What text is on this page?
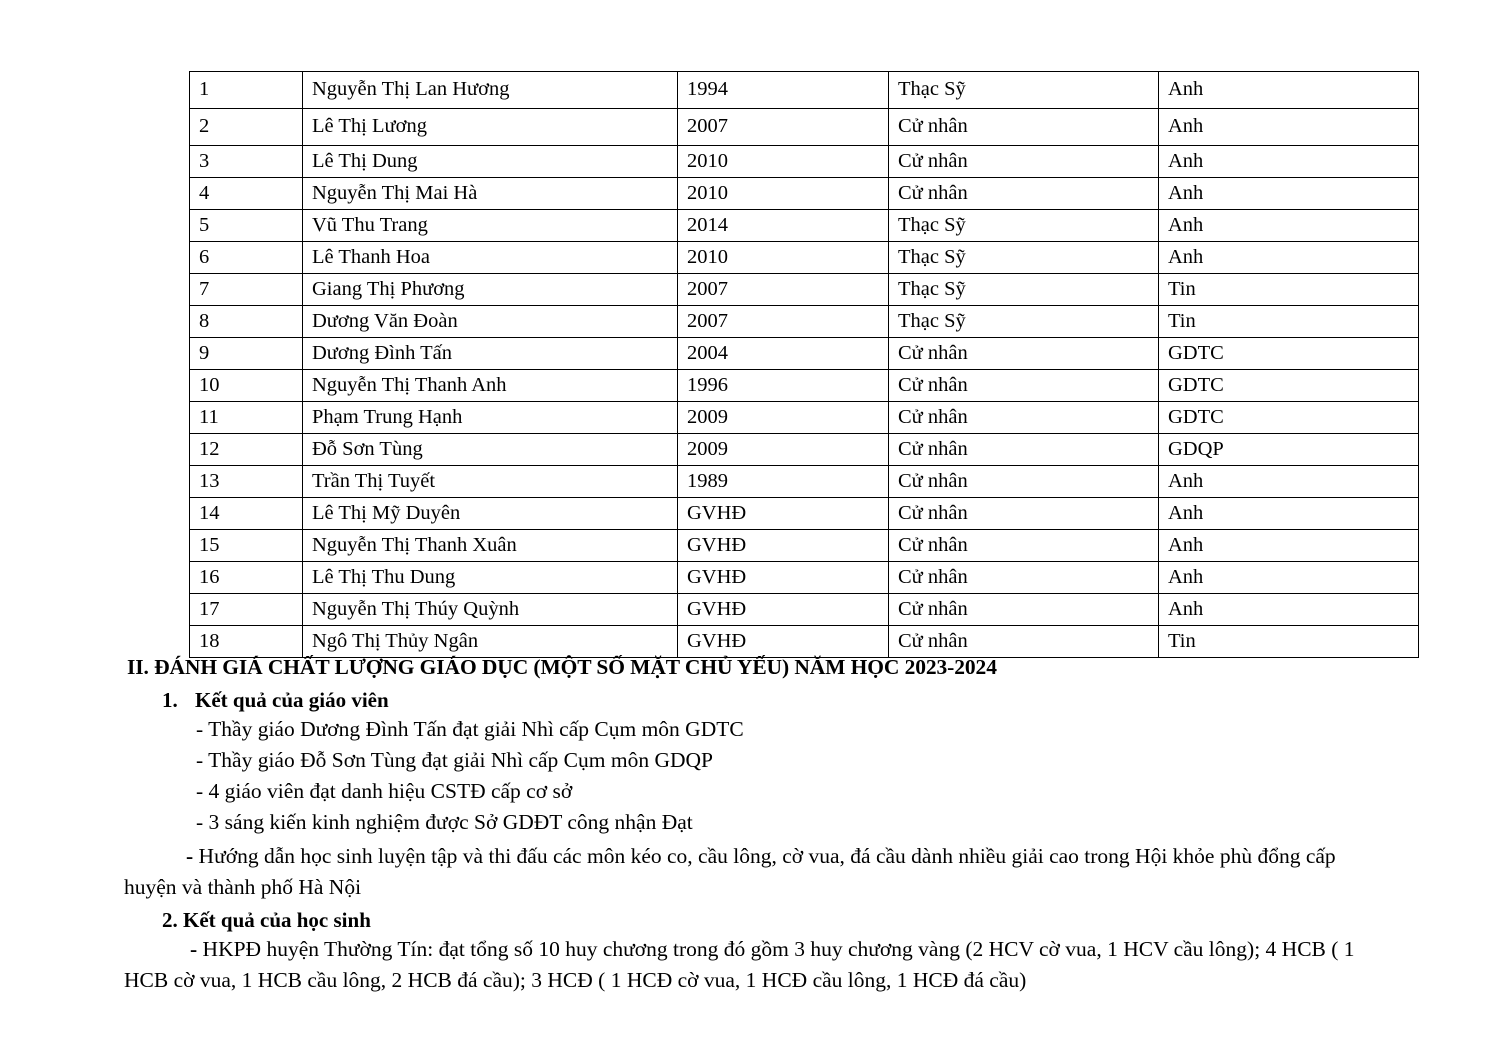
1	Nguyễn Thị Lan Hương	1994	Thạc Sỹ	Anh
2	Lê Thị Lương	2007	Cử nhân	Anh
3	Lê Thị Dung	2010	Cử nhân	Anh
4	Nguyễn Thị Mai Hà	2010	Cử nhân	Anh
5	Vũ Thu Trang	2014	Thạc Sỹ	Anh
6	Lê Thanh Hoa	2010	Thạc Sỹ	Anh
7	Giang Thị Phương	2007	Thạc Sỹ	Tin
8	Dương Văn Đoàn	2007	Thạc Sỹ	Tin
9	Dương Đình Tấn	2004	Cử nhân	GDTC
10	Nguyễn Thị Thanh Anh	1996	Cử nhân	GDTC
11	Phạm Trung Hạnh	2009	Cử nhân	GDTC
12	Đỗ Sơn Tùng	2009	Cử nhân	GDQP
13	Trần Thị Tuyết	1989	Cử nhân	Anh
14	Lê Thị Mỹ Duyên	GVHĐ	Cử nhân	Anh
15	Nguyễn Thị Thanh Xuân	GVHĐ	Cử nhân	Anh
16	Lê Thị Thu Dung	GVHĐ	Cử nhân	Anh
17	Nguyễn Thị Thúy Quỳnh	GVHĐ	Cử nhân	Anh
18	Ngô Thị Thủy Ngân	GVHĐ	Cử nhân	Tin
II. ĐÁNH GIÁ CHẤT LƯỢNG GIÁO DỤC (MỘT SỐ MẶT CHỦ YẾU) NĂM HỌC 2023-2024
1. Kết quả của giáo viên
- Thầy giáo Dương Đình Tấn đạt giải Nhì cấp Cụm môn GDTC
- Thầy giáo Đỗ Sơn Tùng đạt giải Nhì cấp Cụm môn GDQP
- 4 giáo viên đạt danh hiệu CSTĐ cấp cơ sở
- 3 sáng kiến kinh nghiệm được Sở GDĐT công nhận Đạt
- Hướng dẫn học sinh luyện tập và thi đấu các môn kéo co, cầu lông, cờ vua, đá cầu dành nhiều giải cao trong Hội khỏe phù đổng cấp huyện và thành phố Hà Nội
2. Kết quả của học sinh
- HKPĐ huyện Thường Tín: đạt tổng số 10 huy chương trong đó gồm 3 huy chương vàng (2 HCV cờ vua, 1 HCV cầu lông); 4 HCB ( 1 HCB cờ vua, 1 HCB cầu lông, 2 HCB đá cầu); 3 HCĐ ( 1 HCĐ cờ vua, 1 HCĐ cầu lông, 1 HCĐ đá cầu)
